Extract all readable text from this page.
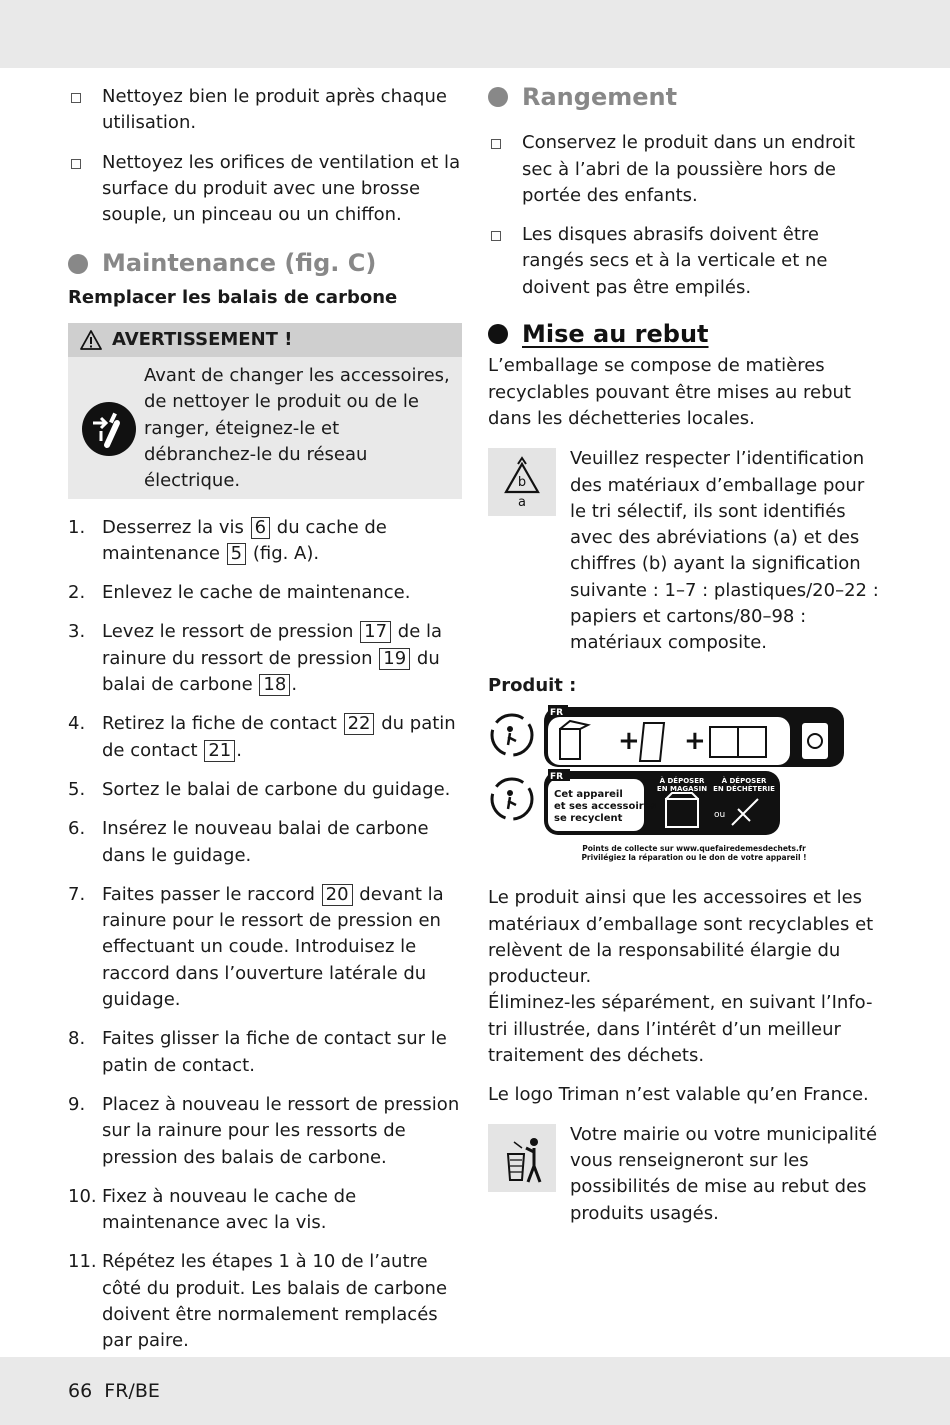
Nettoyez bien le produit après chaque utilisation.
Nettoyez les orifices de ventilation et la surface du produit avec une brosse souple, un pinceau ou un chiffon.
Maintenance (fig. C)
Remplacer les balais de carbone
AVERTISSEMENT !
Avant de changer les accessoires, de nettoyer le produit ou de le ranger, éteignez-le et débranchez-le du réseau électrique.
1. Desserrez la vis 6 du cache de maintenance 5 (fig. A).
2. Enlevez le cache de maintenance.
3. Levez le ressort de pression 17 de la rainure du ressort de pression 19 du balai de carbone 18 .
4. Retirez la fiche de contact 22 du patin de contact 21 .
5. Sortez le balai de carbone du guidage.
6. Insérez le nouveau balai de carbone dans le guidage.
7. Faites passer le raccord 20 devant la rainure pour le ressort de pression en effectuant un coude. Introduisez le raccord dans l’ouverture latérale du guidage.
8. Faites glisser la fiche de contact sur le patin de contact.
9. Placez à nouveau le ressort de pression sur la rainure pour les ressorts de pression des balais de carbone.
10. Fixez à nouveau le cache de maintenance avec la vis.
11. Répétez les étapes 1 à 10 de l’autre côté du produit. Les balais de carbone doivent être normalement remplacés par paire.
Rangement
Conservez le produit dans un endroit sec à l’abri de la poussière hors de portée des enfants.
Les disques abrasifs doivent être rangés secs et à la verticale et ne doivent pas être empilés.
Mise au rebut
L’emballage se compose de matières recyclables pouvant être mises au rebut dans les déchetteries locales.
b
a
Veuillez respecter l’identification des matériaux d’emballage pour le tri sélectif, ils sont identifiés avec des abréviations (a) et des chiffres (b) ayant la signification suivante : 1–7 : plastiques/20–22 : papiers et cartons/80–98 : matériaux composite.
Produit :
FR
+ +
FR
Cet appareil
et ses accessoires
se recyclent
À DÉPOSER
EN MAGASIN
À DÉPOSER
EN DÉCHÈTERIE
ou
Points de collecte sur www.quefairedemesdechets.fr
Privilégiez la réparation ou le don de votre appareil !
Le produit ainsi que les accessoires et les matériaux d’emballage sont recyclables et relèvent de la responsabilité élargie du producteur.
Éliminez-les séparément, en suivant l’Info-tri illustrée, dans l’intérêt d’un meilleur traitement des déchets.
Le logo Triman n’est valable qu’en France.
Votre mairie ou votre municipalité vous renseigneront sur les possibilités de mise au rebut des produits usagés.
66 FR/BE
